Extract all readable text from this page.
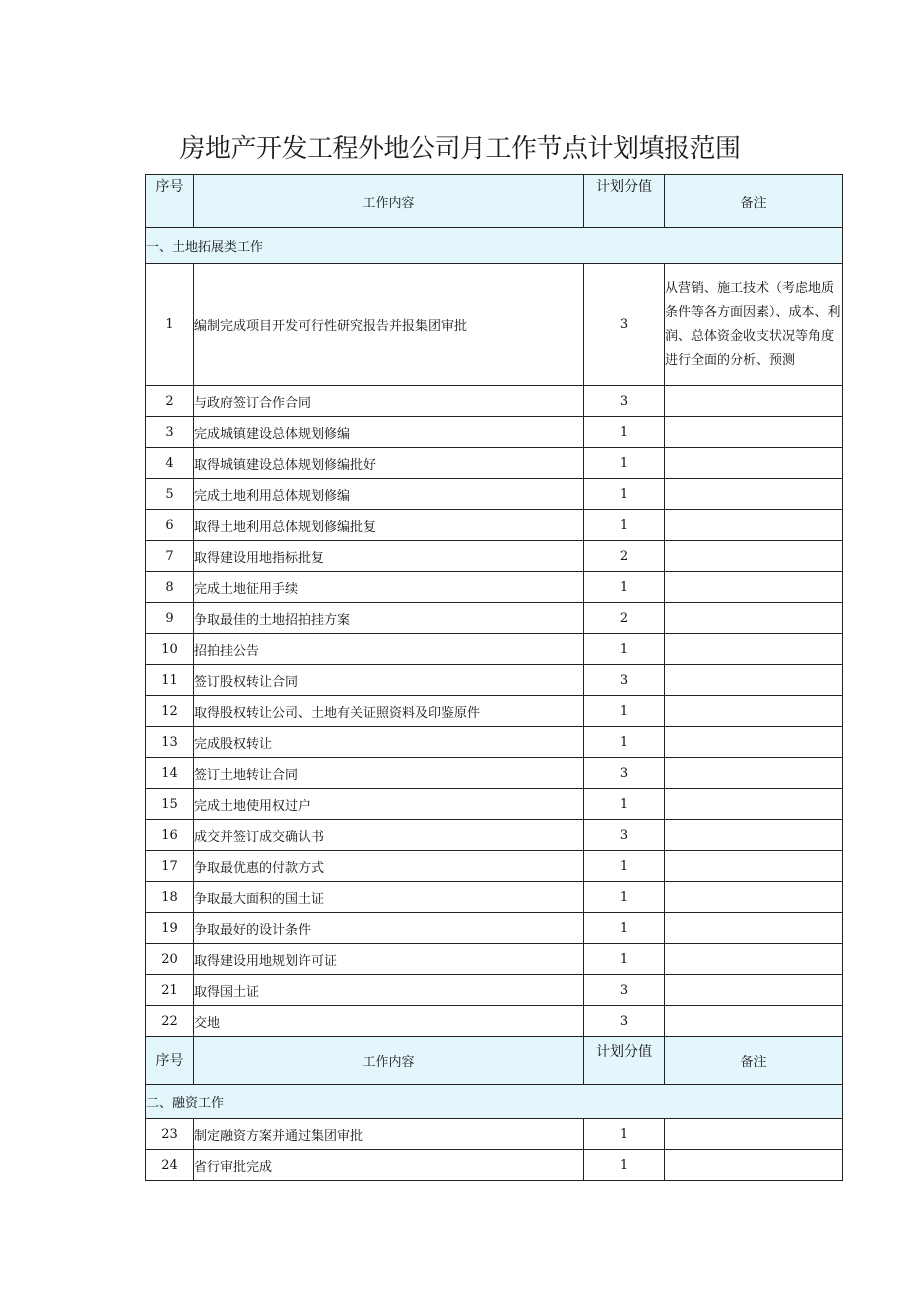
房地产开发工程外地公司月工作节点计划填报范围
序号	工作内容	计划分值	备注
一、土地拓展类工作			
1	编制完成项目开发可行性研究报告并报集团审批	3	从营销、施工技术（考虑地质条件等各方面因素）、成本、利润、总体资金收支状况等角度进行全面的分析、预测
2	与政府签订合作合同	3	
3	完成城镇建设总体规划修编	1	
4	取得城镇建设总体规划修编批好	1	
5	完成土地利用总体规划修编	1	
6	取得土地利用总体规划修编批复	1	
7	取得建设用地指标批复	2	
8	完成土地征用手续	1	
9	争取最佳的土地招拍挂方案	2	
10	招拍挂公告	1	
11	签订股权转让合同	3	
12	取得股权转让公司、土地有关证照资料及印鉴原件	1	
13	完成股权转让	1	
14	签订土地转让合同	3	
15	完成土地使用权过户	1	
16	成交并签订成交确认书	3	
17	争取最优惠的付款方式	1	
18	争取最大面积的国土证	1	
19	争取最好的设计条件	1	
20	取得建设用地规划许可证	1	
21	取得国土证	3	
22	交地	3	
序号	工作内容	计划分值	备注
二、融资工作			
23	制定融资方案并通过集团审批	1	
24	省行审批完成	1	
